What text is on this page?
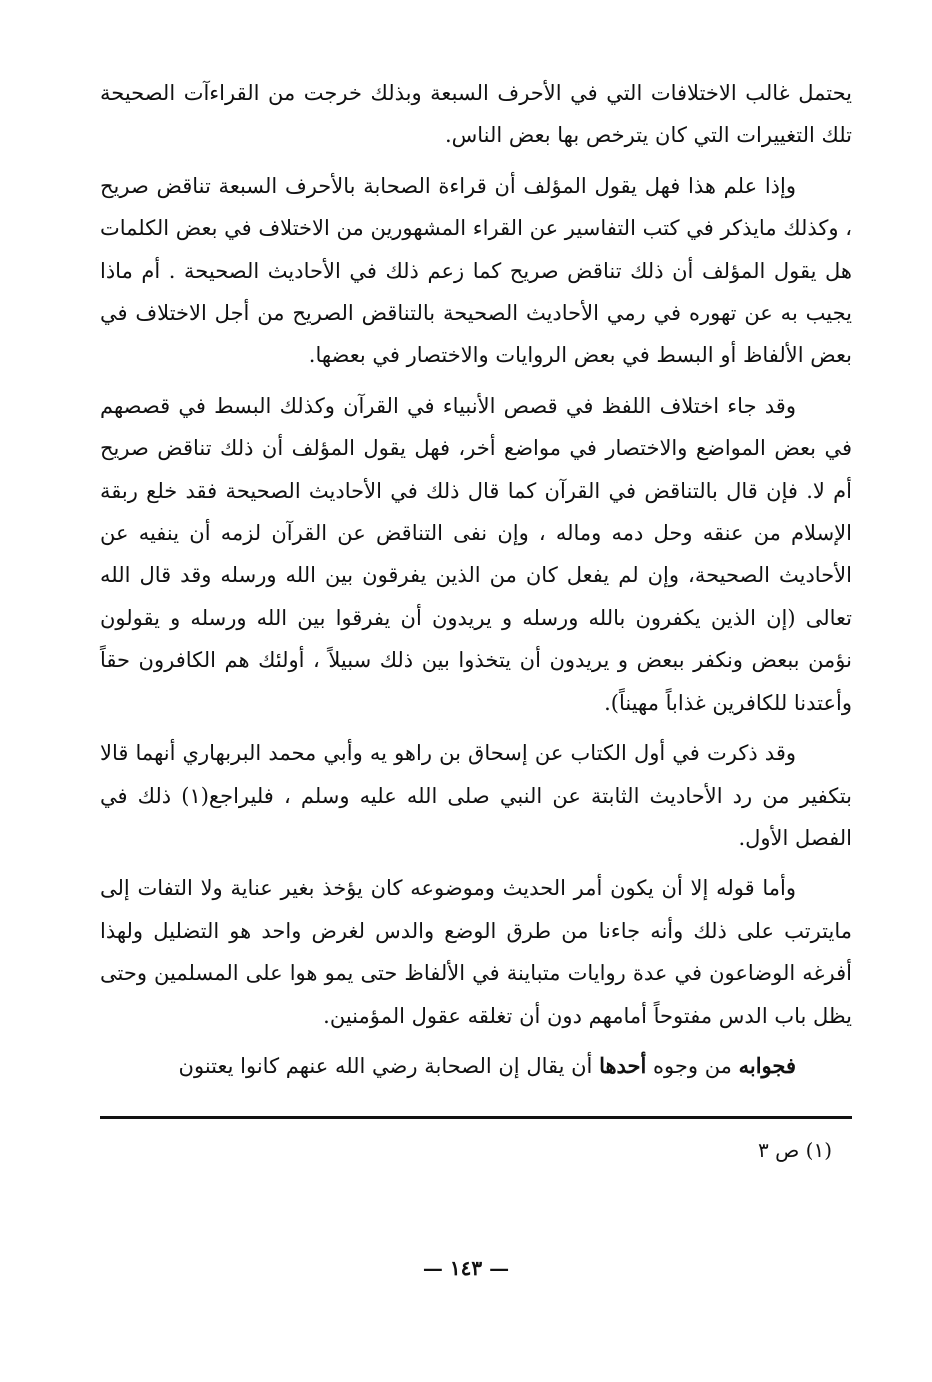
يحتمل غالب الاختلافات التي في الأحرف السبعة وبذلك خرجت من القراءآت الصحيحة تلك التغييرات التي كان يترخص بها بعض الناس.

وإذا علم هذا فهل يقول المؤلف أن قراءة الصحابة بالأحرف السبعة تناقض صريح ، وكذلك مايذكر في كتب التفاسير عن القراء المشهورين من الاختلاف في بعض الكلمات هل يقول المؤلف أن ذلك تناقض صريح كما زعم ذلك في الأحاديث الصحيحة . أم ماذا يجيب به عن تهوره في رمي الأحاديث الصحيحة بالتناقض الصريح من أجل الاختلاف في بعض الألفاظ أو البسط في بعض الروايات والاختصار في بعضها.

وقد جاء اختلاف اللفظ في قصص الأنبياء في القرآن وكذلك البسط في قصصهم في بعض المواضع والاختصار في مواضع أخر، فهل يقول المؤلف أن ذلك تناقض صريح أم لا. فإن قال بالتناقض في القرآن كما قال ذلك في الأحاديث الصحيحة فقد خلع ربقة الإسلام من عنقه وحل دمه وماله ، وإن نفى التناقض عن القرآن لزمه أن ينفيه عن الأحاديث الصحيحة، وإن لم يفعل كان من الذين يفرقون بين الله ورسله وقد قال الله تعالى (إن الذين يكفرون بالله ورسله و يريدون أن يفرقوا بين الله ورسله و يقولون نؤمن ببعض ونكفر ببعض و يريدون أن يتخذوا بين ذلك سبيلاً ، أولئك هم الكافرون حقاً وأعتدنا للكافرين غذاباً مهيناً).

وقد ذكرت في أول الكتاب عن إسحاق بن راهو يه وأبي محمد البربهاري أنهما قالا بتكفير من رد الأحاديث الثابتة عن النبي صلى الله عليه وسلم ، فليراجع(١) ذلك في الفصل الأول.

وأما قوله إلا أن يكون أمر الحديث وموضوعه كان يؤخذ بغير عناية ولا التفات إلى مايترتب على ذلك وأنه جاءنا من طرق الوضع والدس لغرض واحد هو التضليل ولهذا أفرغه الوضاعون في عدة روايات متباينة في الألفاظ حتى يمو هوا على المسلمين وحتى يظل باب الدس مفتوحاً أمامهم دون أن تغلقه عقول المؤمنين.

فجوابه من وجوه أحدها أن يقال إن الصحابة رضي الله عنهم كانوا يعتنون

(١) ص ٣
— ١٤٣ —
